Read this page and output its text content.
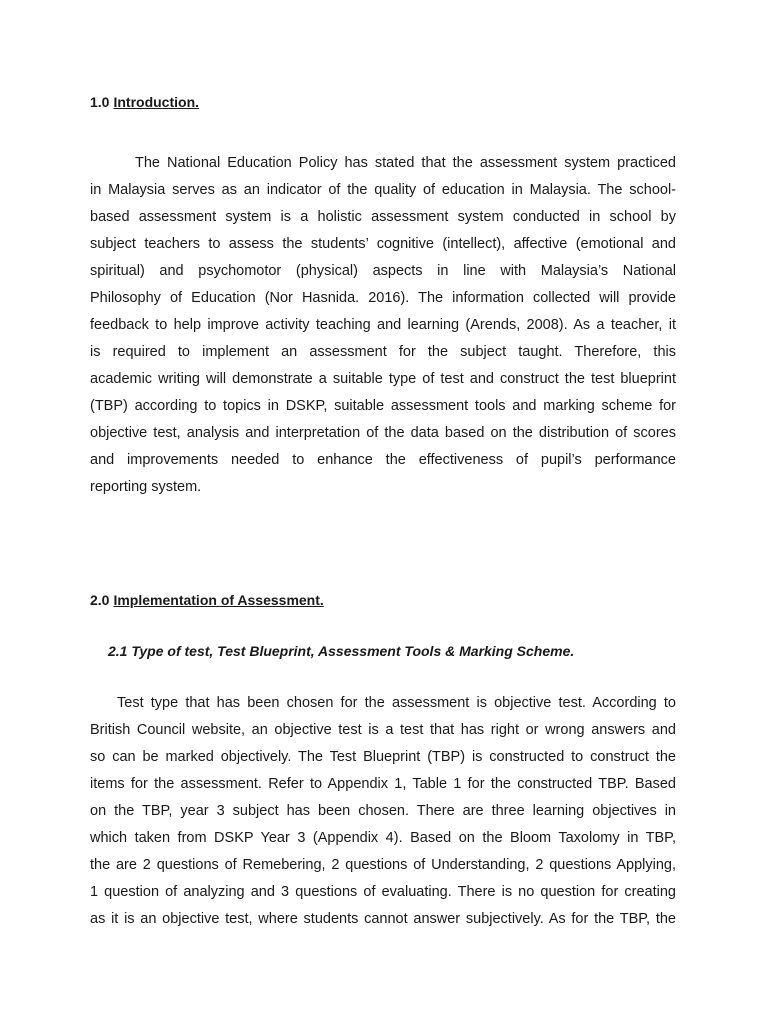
1.0 Introduction.
The National Education Policy has stated that the assessment system practiced
in Malaysia serves as an indicator of the quality of education in Malaysia. The school-
based assessment system is a holistic assessment system conducted in school by
subject teachers to assess the students’ cognitive (intellect), affective (emotional and
spiritual) and psychomotor (physical) aspects in line with Malaysia’s National
Philosophy of Education (Nor Hasnida. 2016). The information collected will provide
feedback to help improve activity teaching and learning (Arends, 2008). As a teacher, it
is required to implement an assessment for the subject taught. Therefore, this
academic writing will demonstrate a suitable type of test and construct the test blueprint
(TBP) according to topics in DSKP, suitable assessment tools and marking scheme for
objective test, analysis and interpretation of the data based on the distribution of scores
and improvements needed to enhance the effectiveness of pupil’s performance
reporting system.
2.0 Implementation of Assessment.
2.1 Type of test, Test Blueprint, Assessment Tools & Marking Scheme.
Test type that has been chosen for the assessment is objective test. According to
British Council website, an objective test is a test that has right or wrong answers and
so can be marked objectively. The Test Blueprint (TBP) is constructed to construct the
items for the assessment. Refer to Appendix 1, Table 1 for the constructed TBP. Based
on the TBP, year 3 subject has been chosen. There are three learning objectives in
which taken from DSKP Year 3 (Appendix 4). Based on the Bloom Taxolomy in TBP,
the are 2 questions of Remebering, 2 questions of Understanding, 2 questions Applying,
1 question of analyzing and 3 questions of evaluating. There is no question for creating
as it is an objective test, where students cannot answer subjectively. As for the TBP, the
